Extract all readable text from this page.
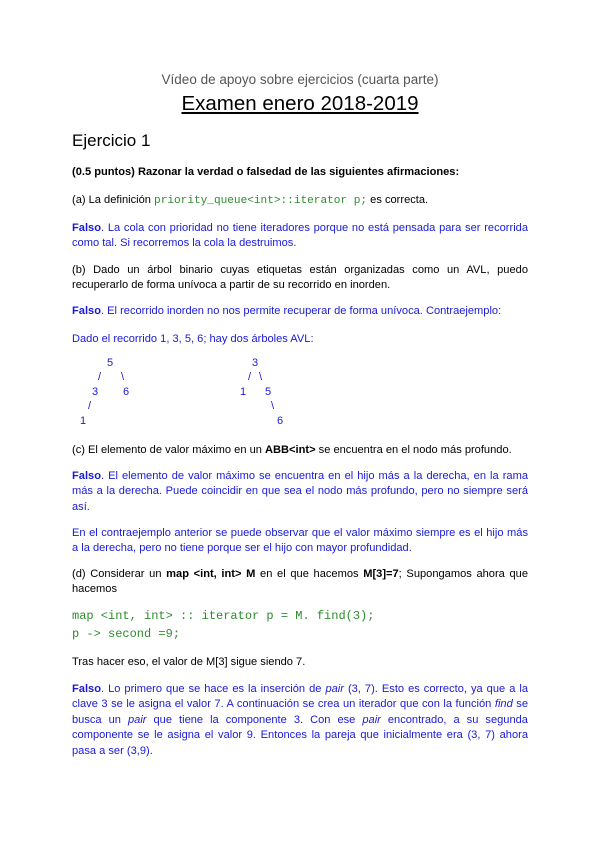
Vídeo de apoyo sobre ejercicios (cuarta parte)
Examen enero 2018-2019
Ejercicio 1
(0.5 puntos) Razonar la verdad o falsedad de las siguientes afirmaciones:
(a) La definición priority_queue<int>::iterator p; es correcta.
Falso. La cola con prioridad no tiene iteradores porque no está pensada para ser recorrida como tal. Si recorremos la cola la destruimos.
(b) Dado un árbol binario cuyas etiquetas están organizadas como un AVL, puedo recuperarlo de forma unívoca a partir de su recorrido en inorden.
Falso. El recorrido inorden no nos permite recuperar de forma unívoca. Contraejemplo:
Dado el recorrido 1, 3, 5, 6; hay dos árboles AVL:
5
/ \
3 6
/
1
3
/ \
1 5
\
6
(c) El elemento de valor máximo en un ABB<int> se encuentra en el nodo más profundo.
Falso. El elemento de valor máximo se encuentra en el hijo más a la derecha, en la rama más a la derecha. Puede coincidir en que sea el nodo más profundo, pero no siempre será así.
En el contraejemplo anterior se puede observar que el valor máximo siempre es el hijo más a la derecha, pero no tiene porque ser el hijo con mayor profundidad.
(d) Considerar un map <int, int> M en el que hacemos M[3]=7; Supongamos ahora que hacemos
map <int, int> :: iterator p = M. find(3);
p -> second =9;
Tras hacer eso, el valor de M[3] sigue siendo 7.
Falso. Lo primero que se hace es la inserción de pair (3, 7). Esto es correcto, ya que a la clave 3 se le asigna el valor 7. A continuación se crea un iterador que con la función find se busca un pair que tiene la componente 3. Con ese pair encontrado, a su segunda componente se le asigna el valor 9. Entonces la pareja que inicialmente era (3, 7) ahora pasa a ser (3,9).
